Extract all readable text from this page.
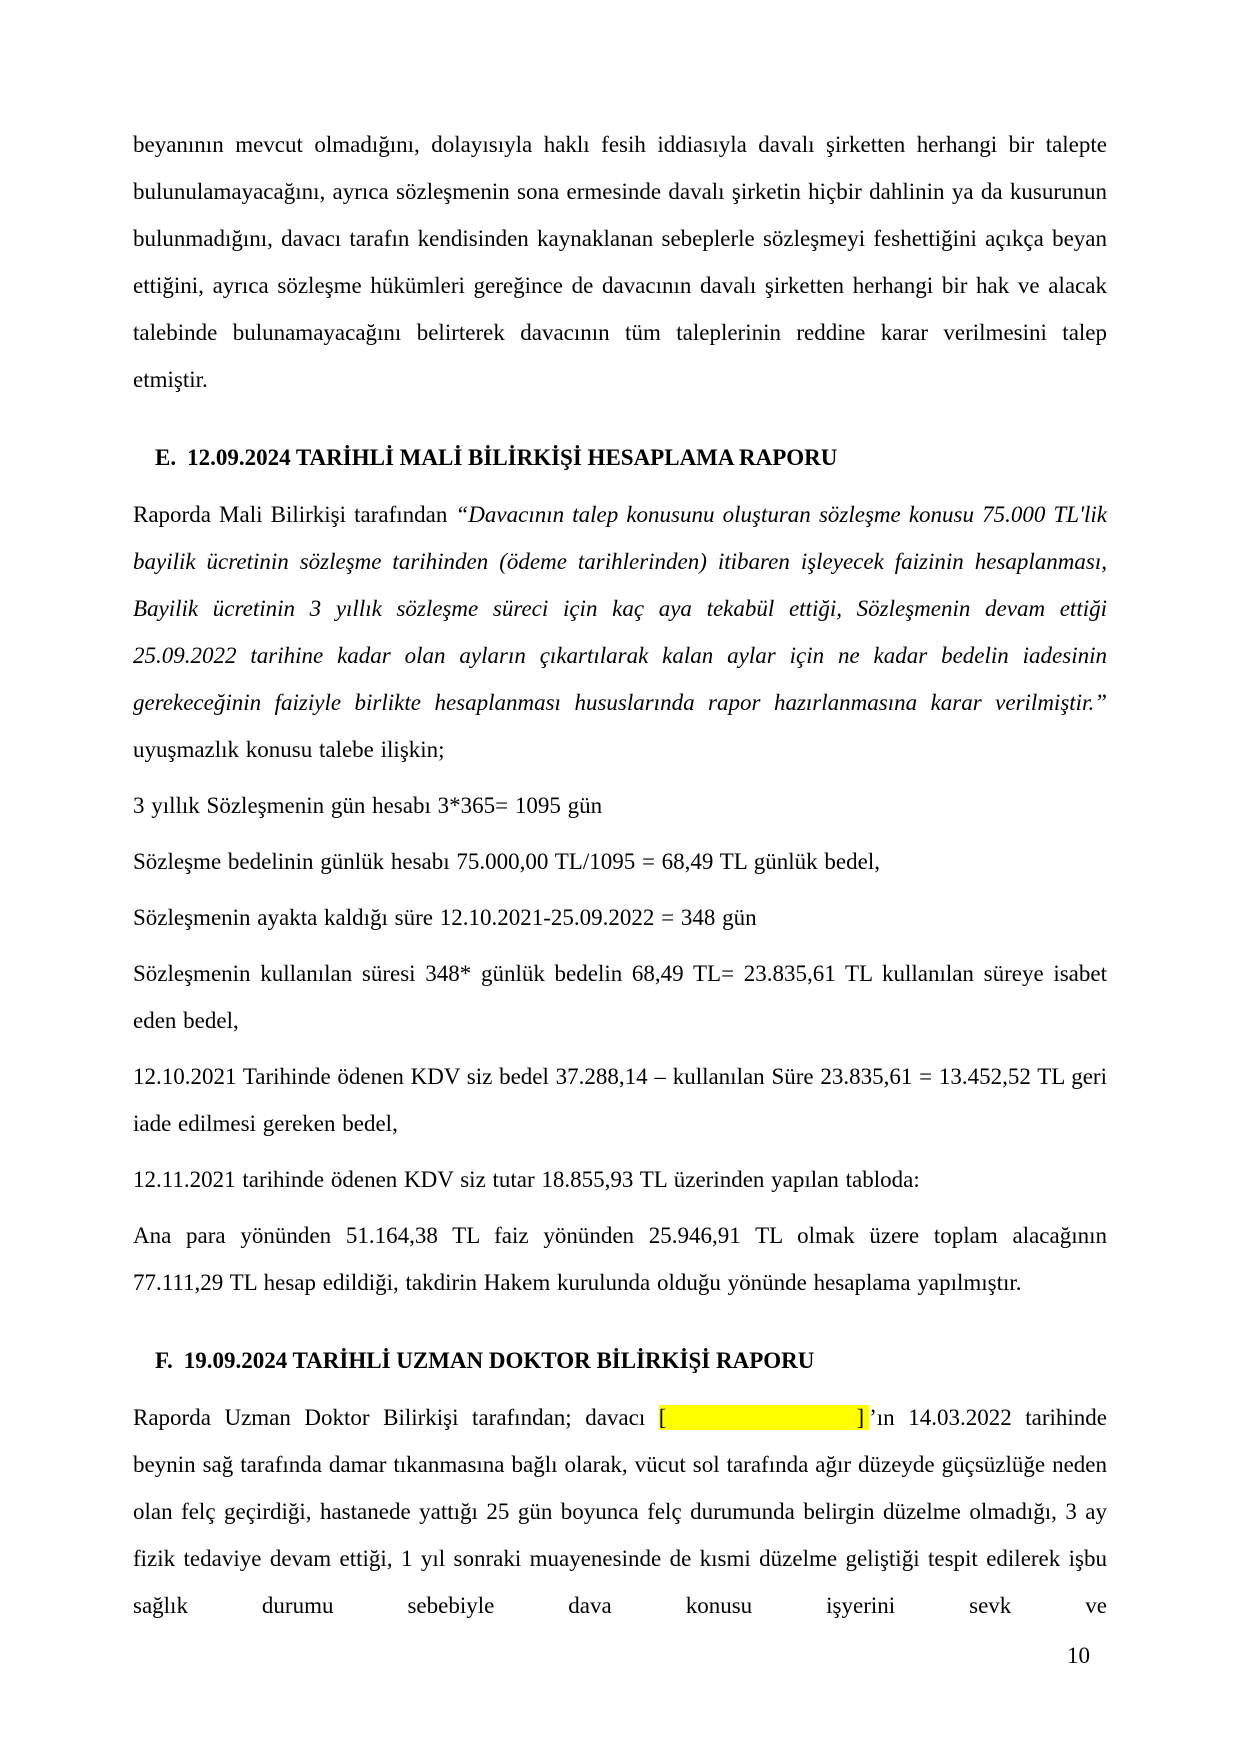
beyanının mevcut olmadığını, dolayısıyla haklı fesih iddiasıyla davalı şirketten herhangi bir talepte bulunulamayacağını, ayrıca sözleşmenin sona ermesinde davalı şirketin hiçbir dahlinin ya da kusurunun bulunmadığını, davacı tarafın kendisinden kaynaklanan sebeplerle sözleşmeyi feshettiğini açıkça beyan ettiğini, ayrıca sözleşme hükümleri gereğince de davacının davalı şirketten herhangi bir hak ve alacak talebinde bulunamayacağını belirterek davacının tüm taleplerinin reddine karar verilmesini talep etmiştir.

E. 12.09.2024 TARİHLİ MALİ BİLİRKİŞİ HESAPLAMA RAPORU

Raporda Mali Bilirkişi tarafından “Davacının talep konusunu oluşturan sözleşme konusu 75.000 TL'lik bayilik ücretinin sözleşme tarihinden (ödeme tarihlerinden) itibaren işleyecek faizinin hesaplanması, Bayilik ücretinin 3 yıllık sözleşme süreci için kaç aya tekabül ettiği, Sözleşmenin devam ettiği 25.09.2022 tarihine kadar olan ayların çıkartılarak kalan aylar için ne kadar bedelin iadesinin gerekeceğinin faiziyle birlikte hesaplanması hususlarında rapor hazırlanmasına karar verilmiştir.” uyuşmazlık konusu talebe ilişkin;

3 yıllık Sözleşmenin gün hesabı 3*365= 1095 gün

Sözleşme bedelinin günlük hesabı 75.000,00 TL/1095 = 68,49 TL günlük bedel,

Sözleşmenin ayakta kaldığı süre 12.10.2021-25.09.2022 = 348 gün

Sözleşmenin kullanılan süresi 348* günlük bedelin 68,49 TL= 23.835,61 TL kullanılan süreye isabet eden bedel,

12.10.2021 Tarihinde ödenen KDV siz bedel 37.288,14 – kullanılan Süre 23.835,61 = 13.452,52 TL geri iade edilmesi gereken bedel,

12.11.2021 tarihinde ödenen KDV siz tutar 18.855,93 TL üzerinden yapılan tabloda:

Ana para yönünden 51.164,38 TL faiz yönünden 25.946,91 TL olmak üzere toplam alacağının 77.111,29 TL hesap edildiği, takdirin Hakem kurulunda olduğu yönünde hesaplama yapılmıştır.

F. 19.09.2024 TARİHLİ UZMAN DOKTOR BİLİRKİŞİ RAPORU

Raporda Uzman Doktor Bilirkişi tarafından; davacı [	] ’ın 14.03.2022 tarihinde beynin sağ tarafında damar tıkanmasına bağlı olarak, vücut sol tarafında ağır düzeyde güçsüzlüğe neden olan felç geçirdiği, hastanede yattığı 25 gün boyunca felç durumunda belirgin düzelme olmadığı, 3 ay fizik tedaviye devam ettiği, 1 yıl sonraki muayenesinde de kısmi düzelme geliştiği tespit edilerek işbu sağlık durumu sebebiyle dava konusu işyerini sevk ve

10
